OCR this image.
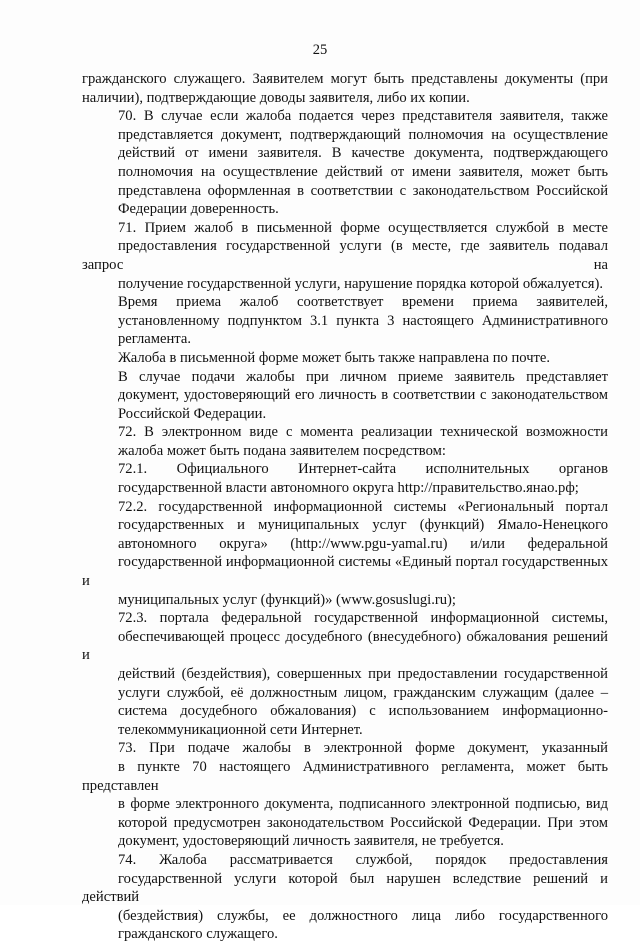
25
гражданского служащего. Заявителем могут быть представлены документы (при
наличии), подтверждающие доводы заявителя, либо их копии.
70. В случае если жалоба подается через представителя заявителя, также
представляется документ, подтверждающий полномочия на осуществление
действий от имени заявителя. В качестве документа, подтверждающего
полномочия на осуществление действий от имени заявителя, может быть
представлена оформленная в соответствии с законодательством Российской
Федерации доверенность.
71. Прием жалоб в письменной форме осуществляется службой в месте
предоставления государственной услуги (в месте, где заявитель подавал запрос на
получение государственной услуги, нарушение порядка которой обжалуется).
Время приема жалоб соответствует времени приема заявителей,
установленному подпунктом 3.1 пункта 3 настоящего Административного
регламента.
Жалоба в письменной форме может быть также направлена по почте.
В случае подачи жалобы при личном приеме заявитель представляет
документ, удостоверяющий его личность в соответствии с законодательством
Российской Федерации.
72. В электронном виде с момента реализации технической возможности
жалоба может быть подана заявителем посредством:
72.1. Официального Интернет-сайта исполнительных органов
государственной власти автономного округа http://правительство.янао.рф;
72.2. государственной информационной системы «Региональный портал
государственных и муниципальных услуг (функций) Ямало-Ненецкого
автономного округа» (http://www.pgu-yamal.ru) и/или федеральной
государственной информационной системы «Единый портал государственных и
муниципальных услуг (функций)» (www.gosuslugi.ru);
72.3. портала федеральной государственной информационной системы,
обеспечивающей процесс досудебного (внесудебного) обжалования решений и
действий (бездействия), совершенных при предоставлении государственной
услуги службой, её должностным лицом, гражданским служащим (далее –
система досудебного обжалования) с использованием информационно-
телекоммуникационной сети Интернет.
73. При подаче жалобы в электронной форме документ, указанный
в пункте 70 настоящего Административного регламента, может быть представлен
в форме электронного документа, подписанного электронной подписью, вид
которой предусмотрен законодательством Российской Федерации. При этом
документ, удостоверяющий личность заявителя, не требуется.
74. Жалоба рассматривается службой, порядок предоставления
государственной услуги которой был нарушен вследствие решений и действий
(бездействия) службы, ее должностного лица либо государственного
гражданского служащего.
